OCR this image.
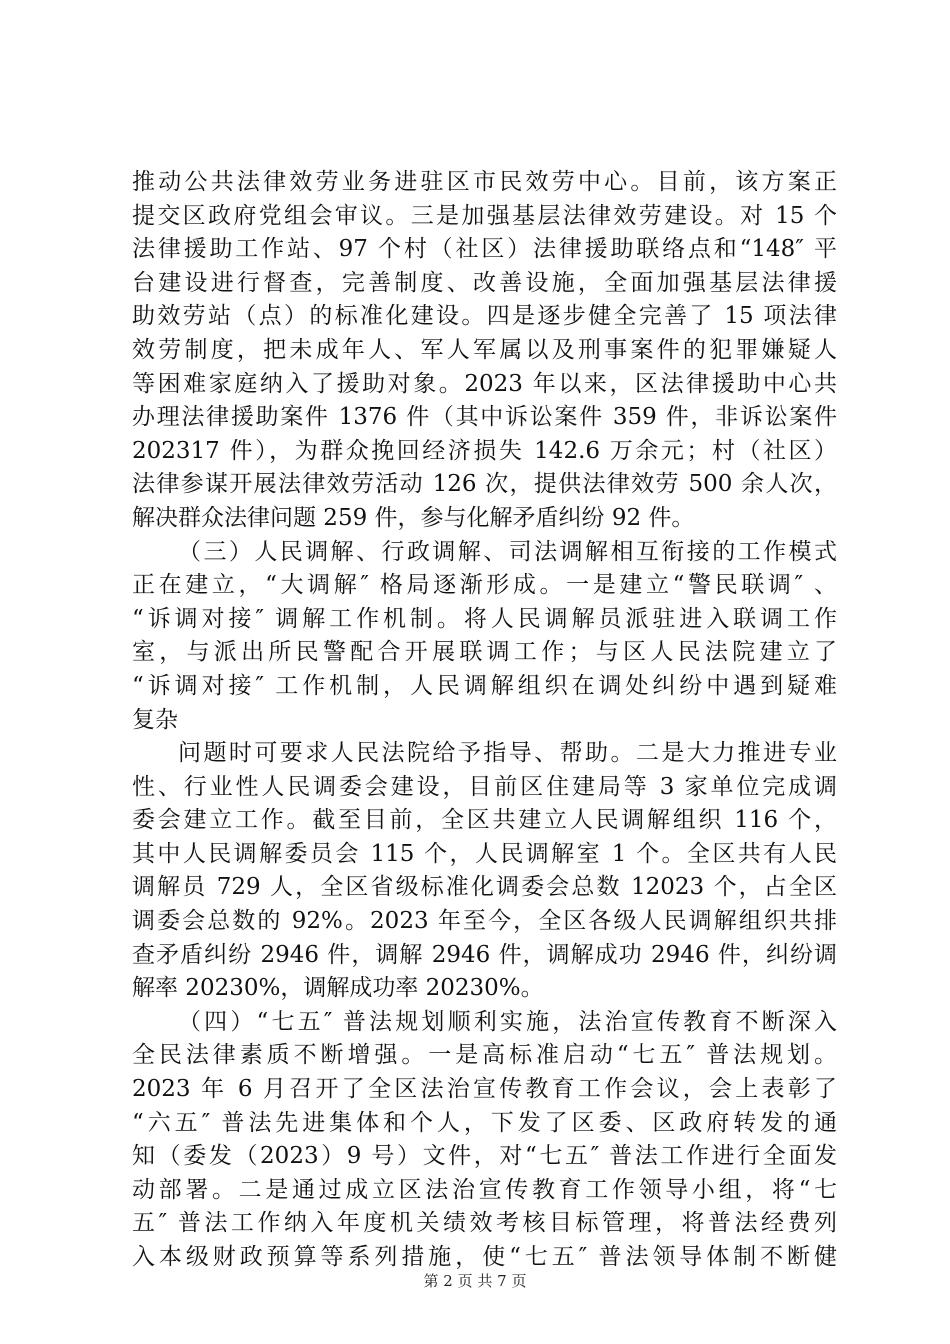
推动公共法律效劳业务进驻区市民效劳中心。目前，该方案正
提交区政府党组会审议。三是加强基层法律效劳建设。对 15 个
法律援助工作站、97 个村（社区）法律援助联络点和“148″ 平
台建设进行督查，完善制度、改善设施，全面加强基层法律援
助效劳站（点）的标准化建设。四是逐步健全完善了 15 项法律
效劳制度，把未成年人、军人军属以及刑事案件的犯罪嫌疑人
等困难家庭纳入了援助对象。2023 年以来，区法律援助中心共
办理法律援助案件 1376 件（其中诉讼案件 359 件，非诉讼案件
202317 件），为群众挽回经济损失 142.6 万余元；村（社区）
法律参谋开展法律效劳活动 126 次，提供法律效劳 500 余人次，
解决群众法律问题 259 件，参与化解矛盾纠纷 92 件。
（三）人民调解、行政调解、司法调解相互衔接的工作模式
正在建立，“大调解″ 格局逐渐形成。一是建立“警民联调″ 、
“诉调对接″ 调解工作机制。将人民调解员派驻进入联调工作
室，与派出所民警配合开展联调工作；与区人民法院建立了
“诉调对接″ 工作机制，人民调解组织在调处纠纷中遇到疑难
复杂
问题时可要求人民法院给予指导、帮助。二是大力推进专业
性、行业性人民调委会建设，目前区住建局等 3 家单位完成调
委会建立工作。截至目前，全区共建立人民调解组织 116 个，
其中人民调解委员会 115 个，人民调解室 1 个。全区共有人民
调解员 729 人，全区省级标准化调委会总数 12023 个，占全区
调委会总数的 92%。2023 年至今，全区各级人民调解组织共排
查矛盾纠纷 2946 件，调解 2946 件，调解成功 2946 件，纠纷调
解率 20230%，调解成功率 20230%。
（四）“七五″ 普法规划顺利实施，法治宣传教育不断深入
全民法律素质不断增强。一是高标准启动“七五″ 普法规划。
2023 年 6 月召开了全区法治宣传教育工作会议，会上表彰了
“六五″ 普法先进集体和个人，下发了区委、区政府转发的通
知（委发（2023）9 号）文件，对“七五″ 普法工作进行全面发
动部署。二是通过成立区法治宣传教育工作领导小组，将“七
五″ 普法工作纳入年度机关绩效考核目标管理，将普法经费列
入本级财政预算等系列措施，使“七五″ 普法领导体制不断健
第 2 页 共 7 页
